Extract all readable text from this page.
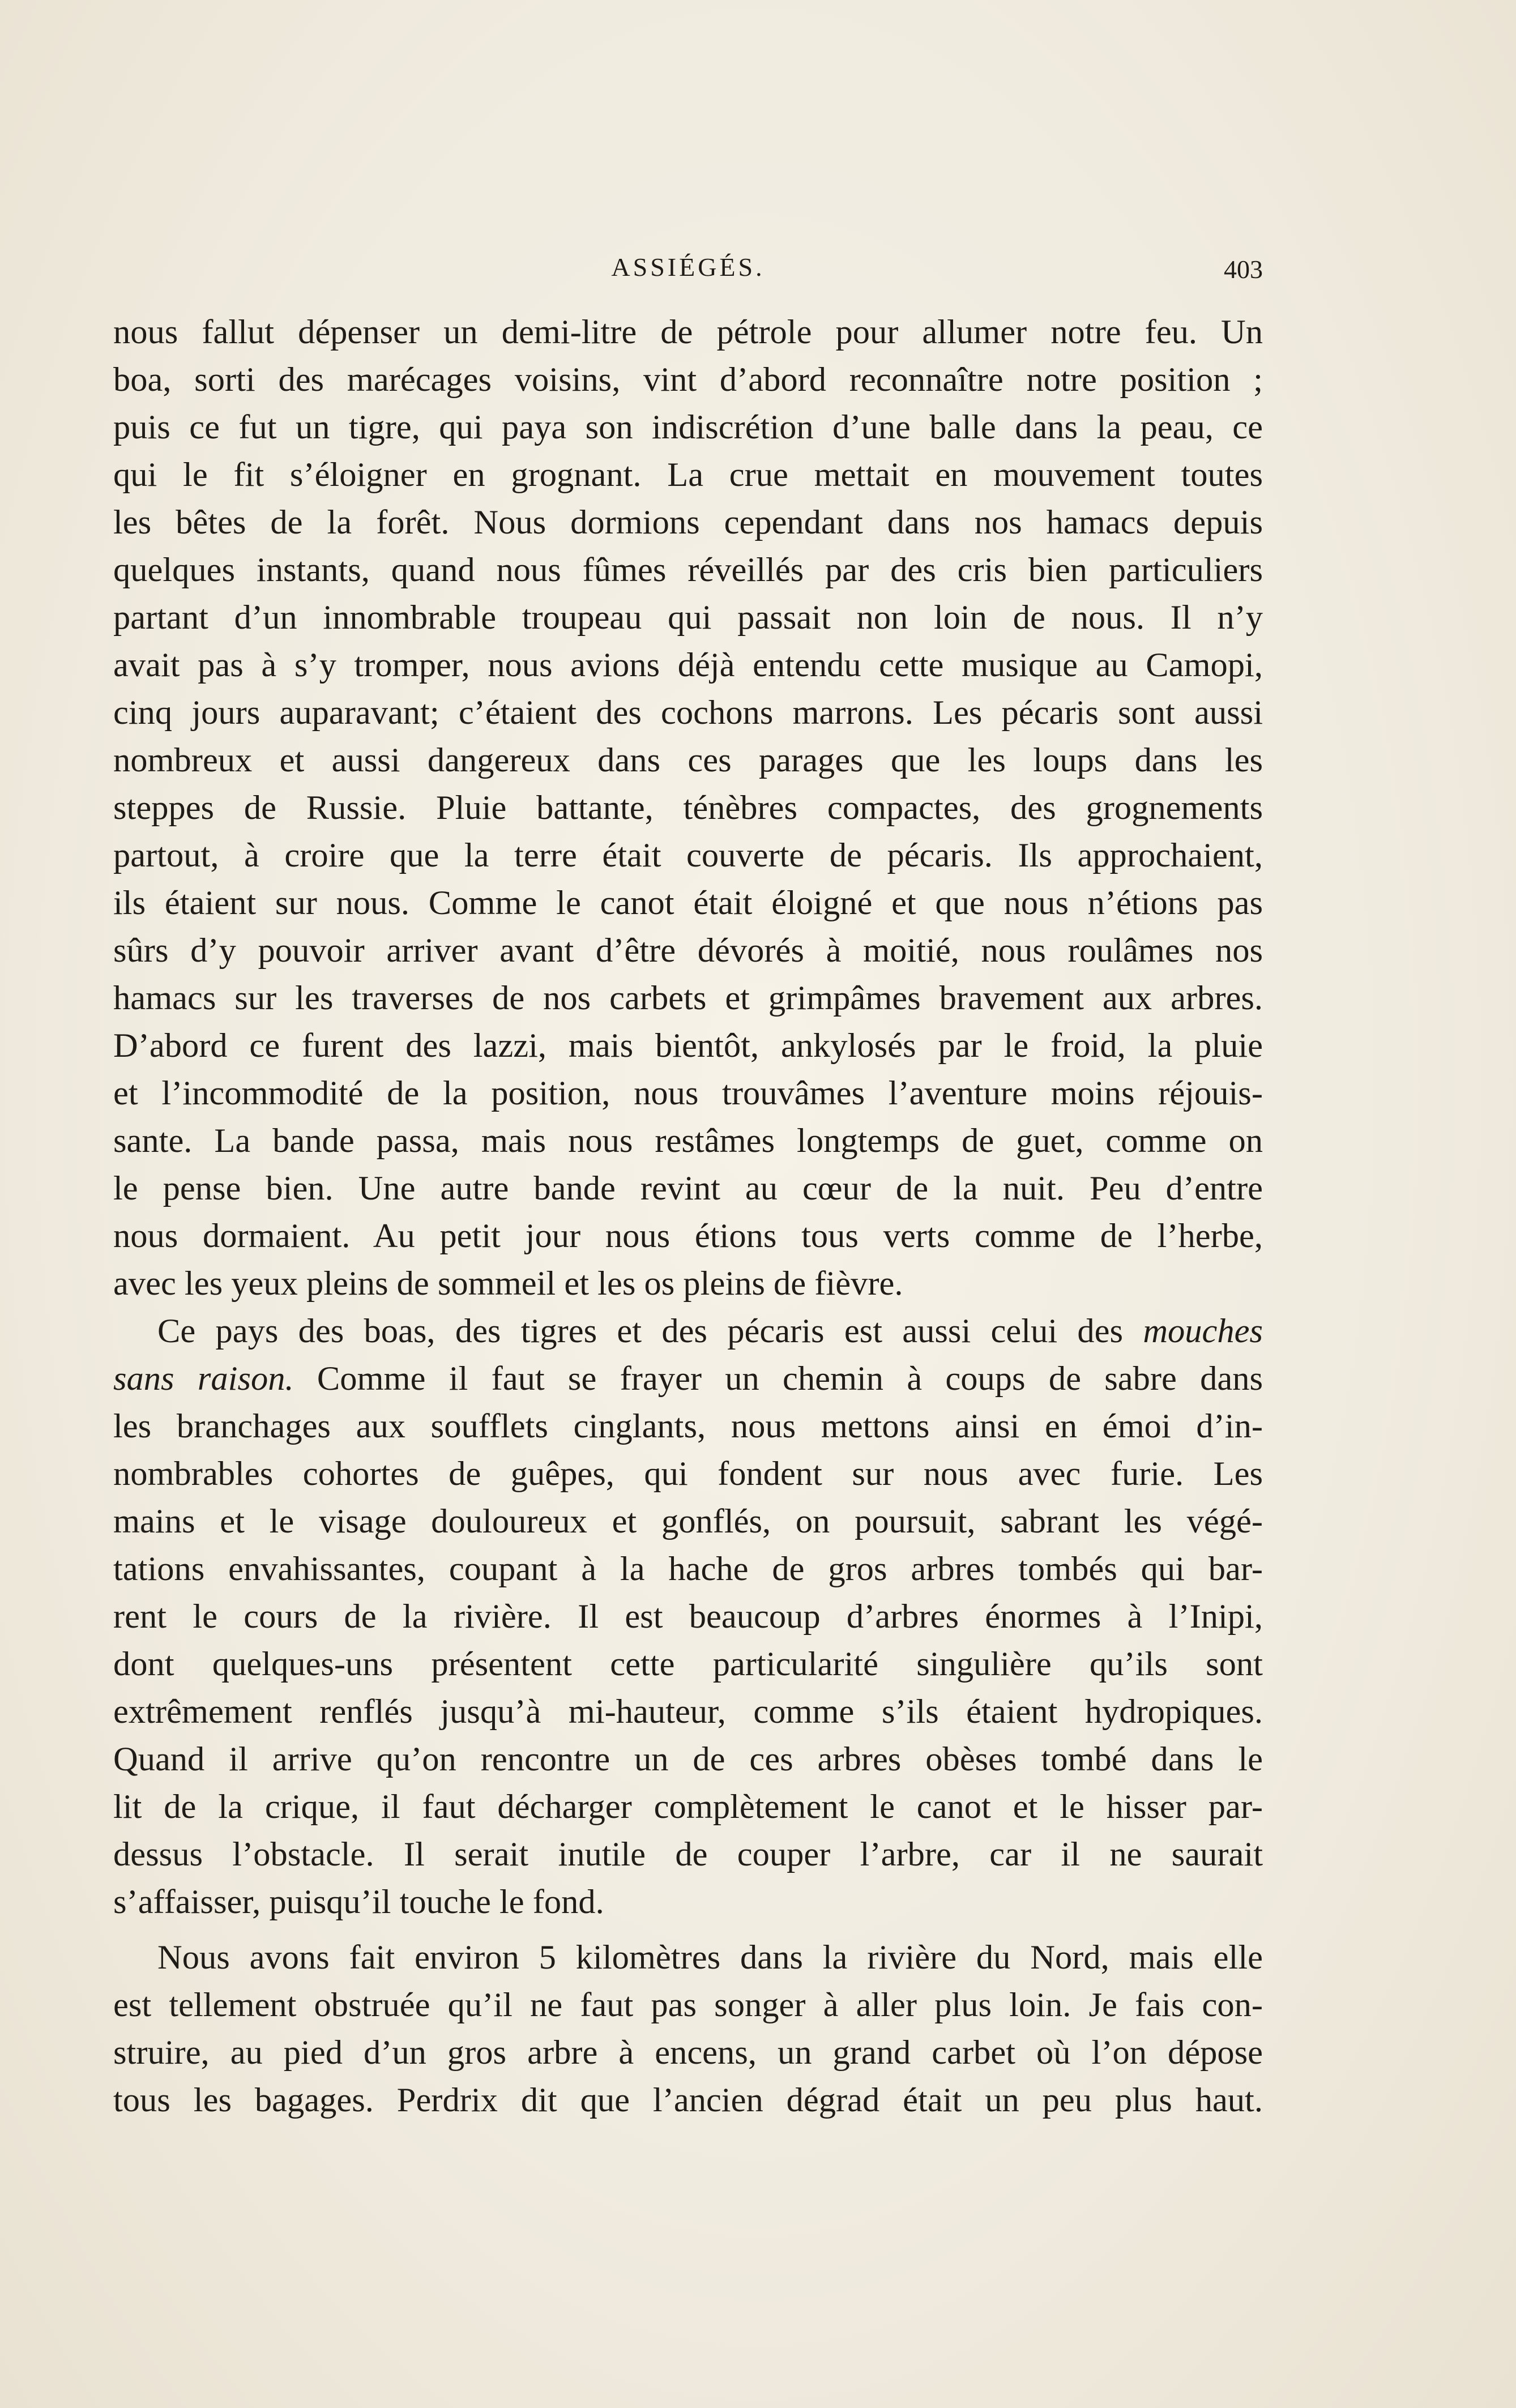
ASSIÉGÉS.	403
nous fallut dépenser un demi-litre de pétrole pour allumer notre feu. Un
boa, sorti des marécages voisins, vint d’abord reconnaître notre position ;
puis ce fut un tigre, qui paya son indiscrétion d’une balle dans la peau, ce
qui le fit s’éloigner en grognant. La crue mettait en mouvement toutes
les bêtes de la forêt. Nous dormions cependant dans nos hamacs depuis
quelques instants, quand nous fûmes réveillés par des cris bien particuliers
partant d’un innombrable troupeau qui passait non loin de nous. Il n’y
avait pas à s’y tromper, nous avions déjà entendu cette musique au Camopi,
cinq jours auparavant; c’étaient des cochons marrons. Les pécaris sont aussi
nombreux et aussi dangereux dans ces parages que les loups dans les
steppes de Russie. Pluie battante, ténèbres compactes, des grognements
partout, à croire que la terre était couverte de pécaris. Ils approchaient,
ils étaient sur nous. Comme le canot était éloigné et que nous n’étions pas
sûrs d’y pouvoir arriver avant d’être dévorés à moitié, nous roulâmes nos
hamacs sur les traverses de nos carbets et grimpâmes bravement aux arbres.
D’abord ce furent des lazzi, mais bientôt, ankylosés par le froid, la pluie
et l’incommodité de la position, nous trouvâmes l’aventure moins réjouis-
sante. La bande passa, mais nous restâmes longtemps de guet, comme on
le pense bien. Une autre bande revint au cœur de la nuit. Peu d’entre
nous dormaient. Au petit jour nous étions tous verts comme de l’herbe,
avec les yeux pleins de sommeil et les os pleins de fièvre.
Ce pays des boas, des tigres et des pécaris est aussi celui des mouches
sans raison. Comme il faut se frayer un chemin à coups de sabre dans
les branchages aux soufflets cinglants, nous mettons ainsi en émoi d’in-
nombrables cohortes de guêpes, qui fondent sur nous avec furie. Les
mains et le visage douloureux et gonflés, on poursuit, sabrant les végé-
tations envahissantes, coupant à la hache de gros arbres tombés qui bar-
rent le cours de la rivière. Il est beaucoup d’arbres énormes à l’Inipi,
dont quelques-uns présentent cette particularité singulière qu’ils sont
extrêmement renflés jusqu’à mi-hauteur, comme s’ils étaient hydropiques.
Quand il arrive qu’on rencontre un de ces arbres obèses tombé dans le
lit de la crique, il faut décharger complètement le canot et le hisser par-
dessus l’obstacle. Il serait inutile de couper l’arbre, car il ne saurait
s’affaisser, puisqu’il touche le fond.
Nous avons fait environ 5 kilomètres dans la rivière du Nord, mais elle
est tellement obstruée qu’il ne faut pas songer à aller plus loin. Je fais con-
struire, au pied d’un gros arbre à encens, un grand carbet où l’on dépose
tous les bagages. Perdrix dit que l’ancien dégrad était un peu plus haut.
